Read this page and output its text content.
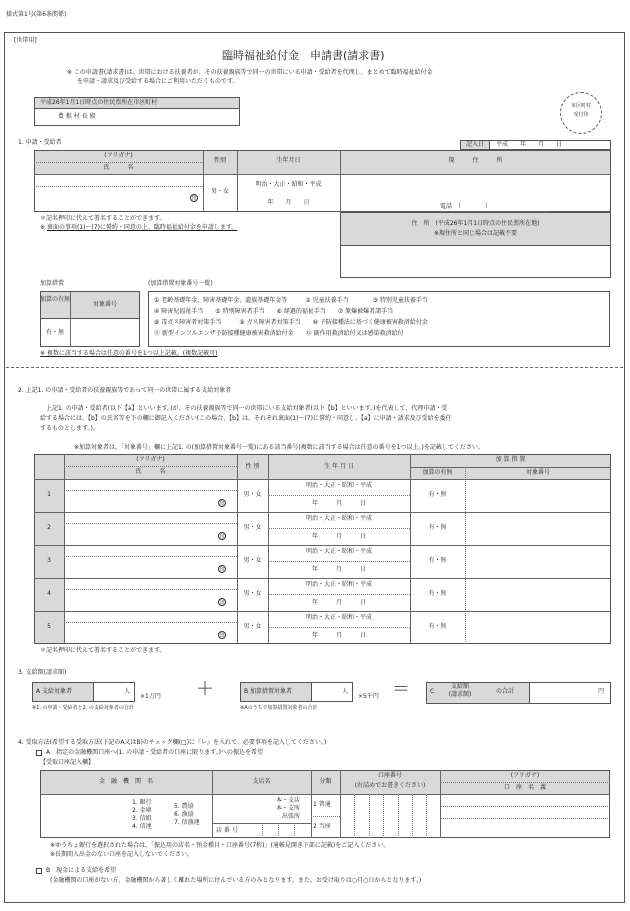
様式第1号(第6条関係)
[世帯用]
臨時福祉給付金　申請書(請求書)
※ この申請書(請求書)は、世帯における扶養者が、その扶養親族等で同一の世帯にいる申請・受給者を代理し、まとめて臨時福祉給付金
を申請・請求及び受給する場合にご利用いただくものです。
平成26年1月1日時点の住民票所在市区町村
豊 根 村 長 殿
市区町村
受付印
1. 申請・受給者	記入日	平成　　年　　月　　日
(フリガナ)
氏　　　名
性別	生年月日	現　　　住　　　所
印
男・女
明治・大正・昭和・平成
年　　月　　日
電話　（　　　　）
＊記名押印に代えて署名することができます。
※ 裏面の事項(1)～(7)に誓約・同意の上、臨時福祉給付金を申請します。
住　所　(平成26年1月1日時点の住民票所在地)
※現住所と同じ場合は記載不要
加算措置	(加算措置対象番号一覧)
加算の有無
対象番号
有・無
① 老齢基礎年金、障害基礎年金、遺族基礎年金等　　　② 児童扶養手当　　　　③ 特別児童扶養手当
④ 障害児福祉手当　　⑤ 特別障害者手当　　⑥ 経過的福祉手当　　⑦ 原爆被爆者諸手当
⑧ 毒ガス障害者対策手当　　　⑨ ガス障害者対策手当　　⑩ 予防接種法に基づく健康被害救済給付金
⑪ 新型インフルエンザ予防接種健康被害救済給付金　　⑫ 副作用救済給付又は感染救済給付
※ 複数に該当する場合は任意の番号を1つ以上記載。(複数記載可)
2. 上記1. の申請・受給者の扶養親族等であって同一の世帯に属する支給対象者
上記1. の申請・受給者(以下【a】といいます。)が、その扶養親族等で同一の世帯にいる支給対象者(以下【b】といいます。)を代表して、代理申請・受
給する場合には、【b】の氏名等を下の欄に御記入ください(この場合、【b】は、それぞれ裏面(1)～(7)に誓約・同意し、【a】に申請・請求及び受給を委任
するものとします。)。
※加算対象者は、「対象番号」欄に上記1. の(加算措置対象番号一覧)にある該当番号(複数に該当する場合は任意の番号を1つ以上。)を記載してください。
(フリガナ)
氏　　　名
性 別	生 年 月 日
加 算 措 置
加算の有無	対象番号
1
印
男・女
明治・大正・昭和・平成
年　　　月　　　日
有・無
2
印
男・女
明治・大正・昭和・平成
年　　　月　　　日
有・無
3
印
男・女
明治・大正・昭和・平成
年　　　月　　　日
有・無
4
印
男・女
明治・大正・昭和・平成
年　　　月　　　日
有・無
5
印
男・女
明治・大正・昭和・平成
年　　　月　　　日
有・無
＊記名押印に代えて署名することができます。
3. 支給額(請求額)
A 支給対象者	人
×1万円
※1. の申請・受給者と2. の支給対象者の合計
＋	B 加算措置対象者	人
×5千円
※Aのうちで加算措置対象者の合計
＝	C
支給額
(請求額)	の合計	円
4. 受取方法(希望する受取方法(下記のA又はB)のチェック欄(□)に『レ』を入れて、必要事項を記入してください。)
A　指定の金融機関口座へ(1. の申請・受給者の口座に限ります。)への振込を希望
【受取口座記入欄】
金　融　機　関　名	支店名	分類
口座番号
(右詰めでお書きください)
(フリガナ)
口　座　名　義
1. 銀行
2. 金庫
3. 信組
4. 信連
5. 農協
6. 漁協
7. 信漁連
本・支店
本・支所
出張所
店 番 号
1 普通
2 当座
※ゆうちょ銀行を選択された場合は、「振込用の店名・預金種目・口座番号(7桁)」(通帳見開き下部に記載)をご記入ください。
※長期間入出金のない口座を記入しないでください。
B　現金による支給を希望
(金融機関の口座がない方、金融機関から著しく離れた場所に住んでいる方のみとなります。また、お受け取りは○月○日からとなります。)
